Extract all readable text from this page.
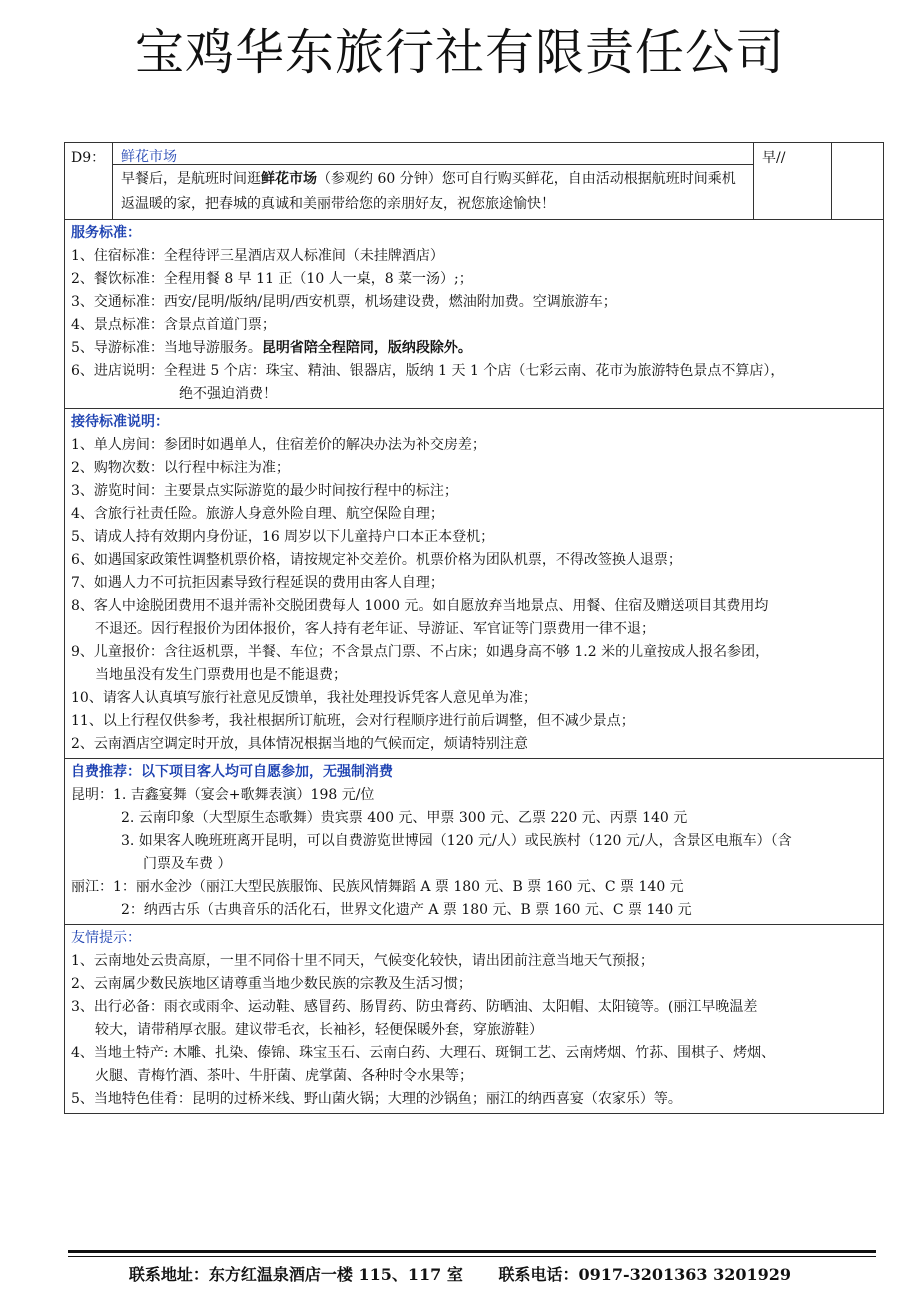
宝鸡华东旅行社有限责任公司
D9：	鲜花市场
早餐后，是航班时间逛鲜花市场（参观约 60 分钟）您可自行购买鲜花，自由活动根据航班时间乘机返温暖的家，把春城的真诚和美丽带给您的亲朋好友，祝您旅途愉快！
早//
服务标准：
1、住宿标准：全程待评三星酒店双人标准间（未挂牌酒店）
2、餐饮标准：全程用餐 8 早 11 正（10 人一桌，8 菜一汤）;；
3、交通标准：西安/昆明/版纳/昆明/西安机票，机场建设费，燃油附加费。空调旅游车；
4、景点标准：含景点首道门票；
5、导游标准：当地导游服务。昆明省陪全程陪同，版纳段除外。
6、进店说明：全程进 5 个店：珠宝、精油、银器店，版纳 1 天 1 个店（七彩云南、花市为旅游特色景点不算店），
绝不强迫消费！
接待标准说明：
1、单人房间：参团时如遇单人，住宿差价的解决办法为补交房差；
2、购物次数：以行程中标注为准；
3、游览时间：主要景点实际游览的最少时间按行程中的标注；
4、含旅行社责任险。旅游人身意外险自理、航空保险自理；
5、请成人持有效期内身份证，16 周岁以下儿童持户口本正本登机；
6、如遇国家政策性调整机票价格，请按规定补交差价。机票价格为团队机票，不得改签换人退票；
7、如遇人力不可抗拒因素导致行程延误的费用由客人自理；
8、客人中途脱团费用不退并需补交脱团费每人 1000 元。如自愿放弃当地景点、用餐、住宿及赠送项目其费用均
不退还。因行程报价为团体报价，客人持有老年证、导游证、军官证等门票费用一律不退；
9、儿童报价：含往返机票，半餐、车位；不含景点门票、不占床；如遇身高不够 1.2 米的儿童按成人报名参团，
当地虽没有发生门票费用也是不能退费；
10、请客人认真填写旅行社意见反馈单，我社处理投诉凭客人意见单为准；
11、以上行程仅供参考，我社根据所订航班，会对行程顺序进行前后调整，但不减少景点；
2、云南酒店空调定时开放，具体情况根据当地的气候而定，烦请特别注意
自费推荐：以下项目客人均可自愿参加，无强制消费
昆明：1. 吉鑫宴舞（宴会+歌舞表演）198 元/位
2. 云南印象（大型原生态歌舞）贵宾票 400 元、甲票 300 元、乙票 220 元、丙票 140 元
3. 如果客人晚班班离开昆明，可以自费游览世博园（120 元/人）或民族村（120 元/人，含景区电瓶车）（含
门票及车费 ）
丽江：1：丽水金沙（丽江大型民族服饰、民族风情舞蹈 A 票 180 元、B 票 160 元、C 票 140 元
2：纳西古乐（古典音乐的活化石，世界文化遗产 A 票 180 元、B 票 160 元、C 票 140 元
友情提示：
1、云南地处云贵高原，一里不同俗十里不同天，气候变化较快，请出团前注意当地天气预报；
2、云南属少数民族地区请尊重当地少数民族的宗教及生活习惯；
3、出行必备：雨衣或雨伞、运动鞋、感冒药、肠胃药、防虫膏药、防晒油、太阳帽、太阳镜等。(丽江早晚温差
较大，请带稍厚衣服。建议带毛衣，长袖衫，轻便保暖外套，穿旅游鞋）
4、当地土特产: 木雕、扎染、傣锦、珠宝玉石、云南白药、大理石、斑铜工艺、云南烤烟、竹荪、围棋子、烤烟、
火腿、青梅竹酒、茶叶、牛肝菌、虎掌菌、各种时令水果等；
5、当地特色佳肴：昆明的过桥米线、野山菌火锅；大理的沙锅鱼；丽江的纳西喜宴（农家乐）等。
联系地址：东方红温泉酒店一楼 115、117 室 联系电话：0917-3201363 3201929
